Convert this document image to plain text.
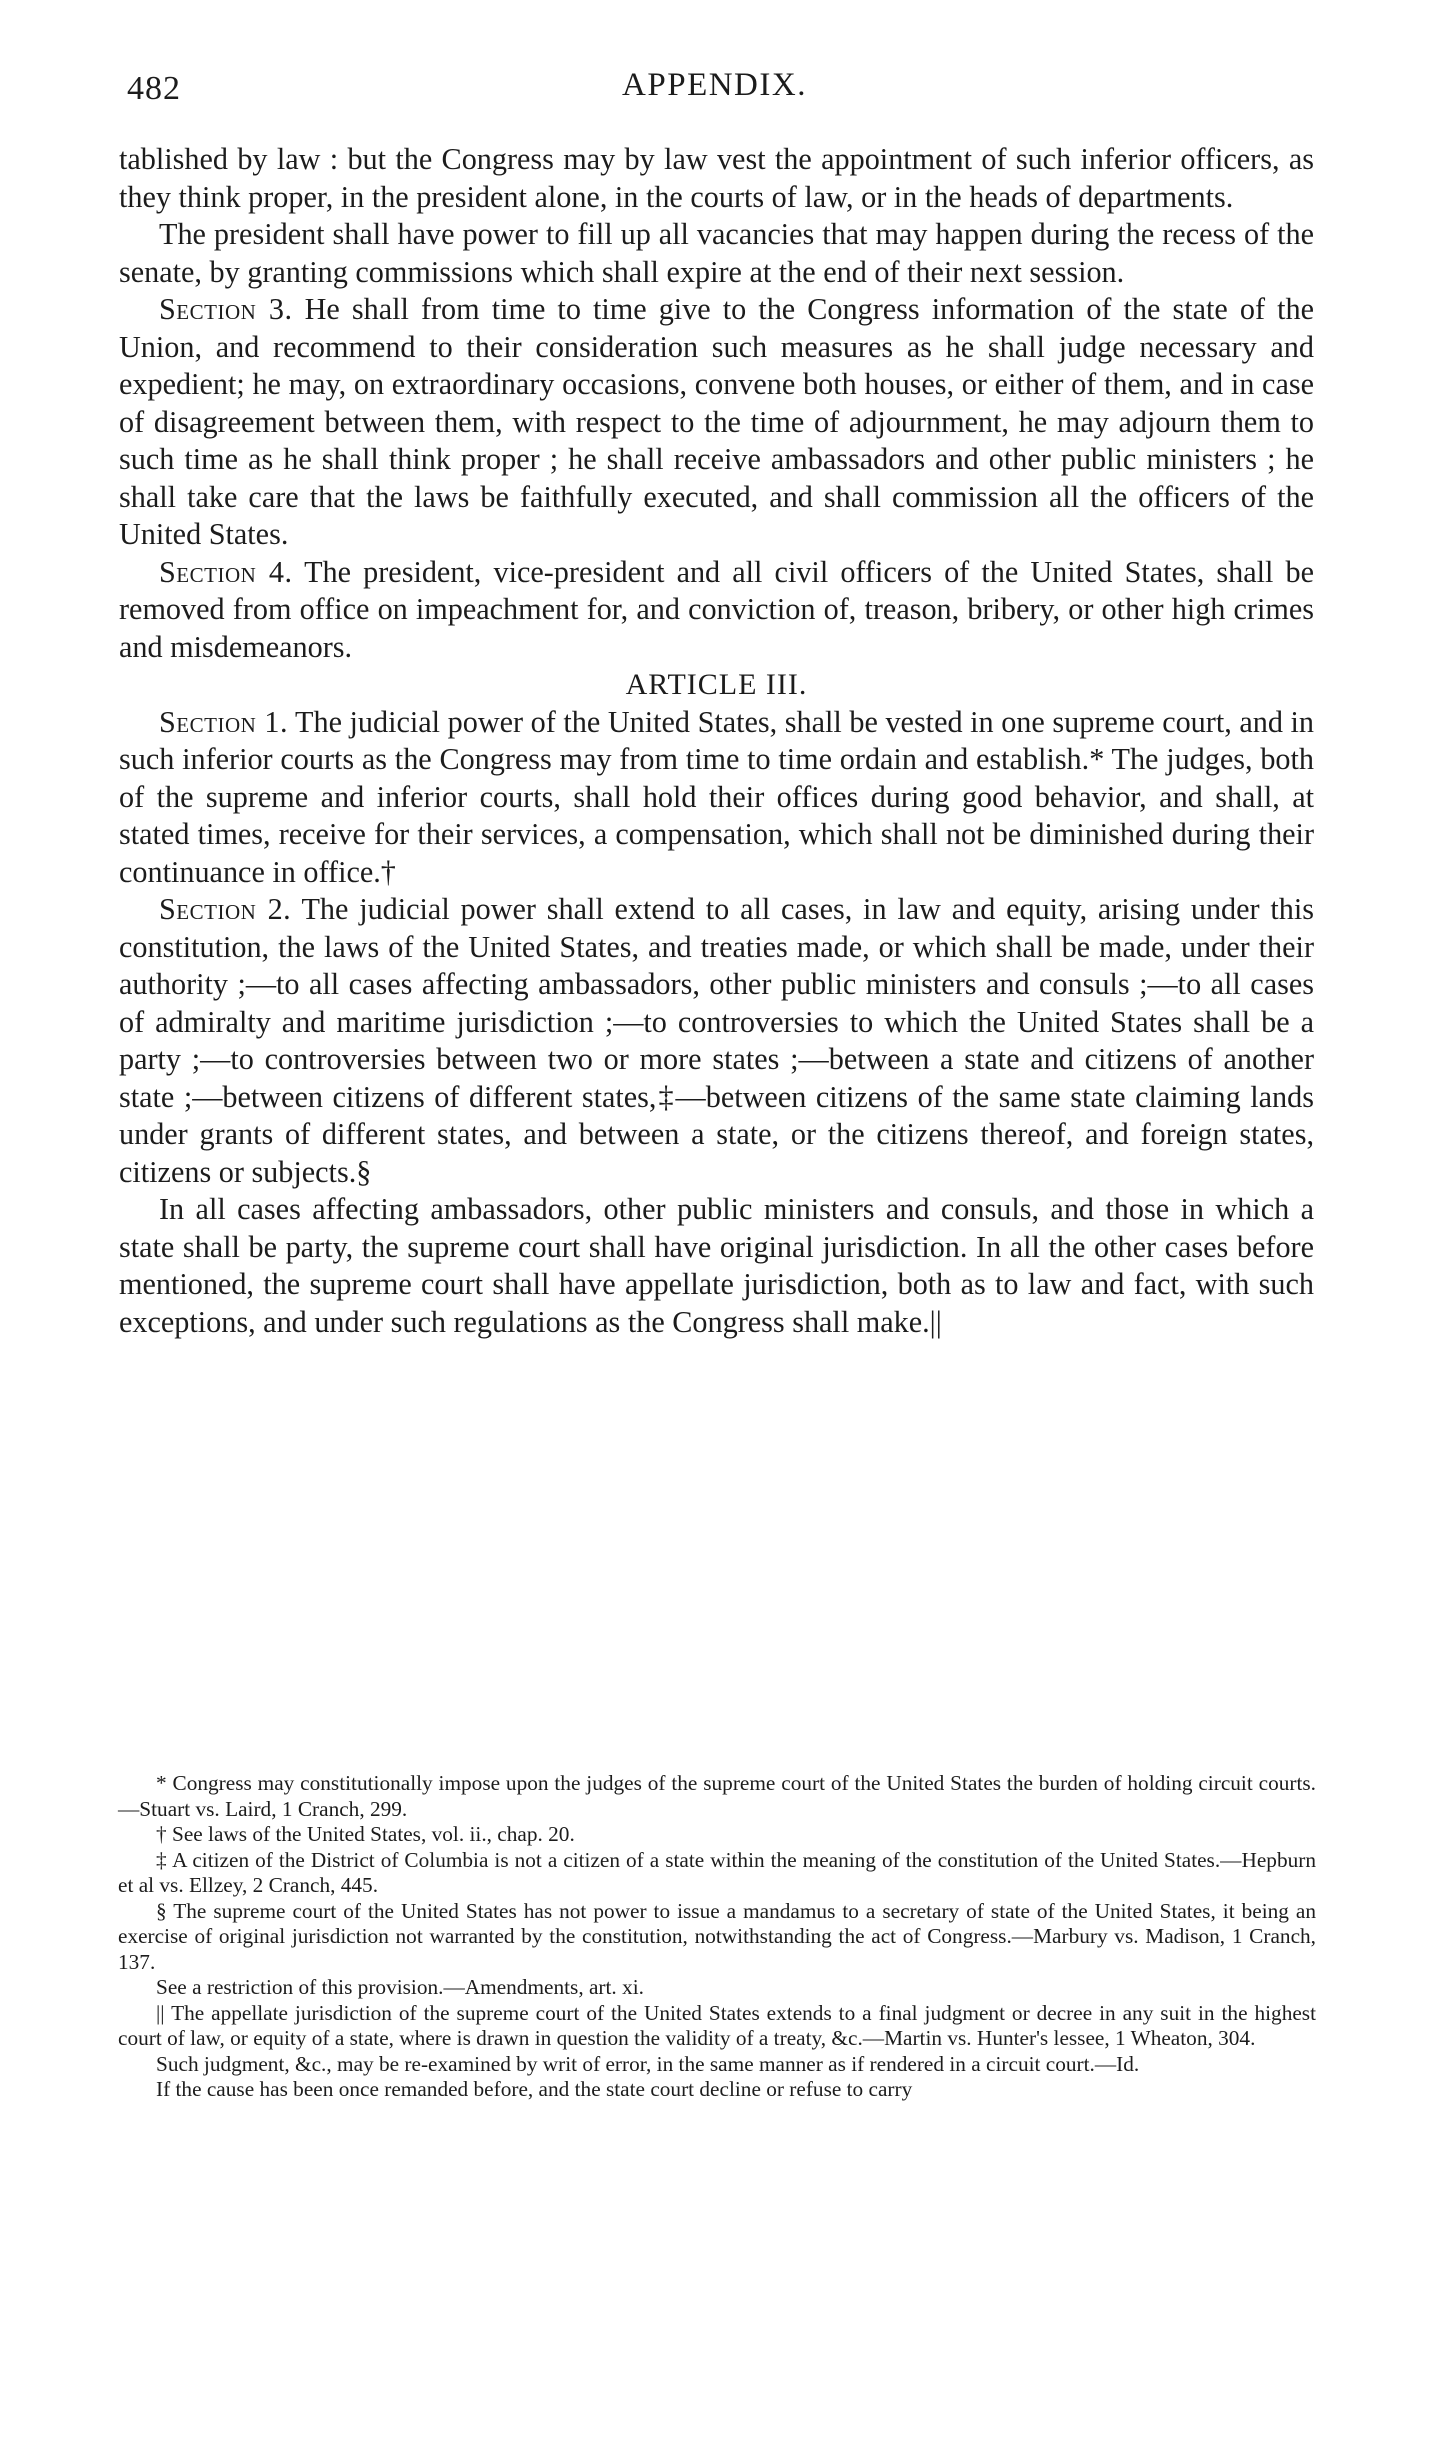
482	APPENDIX.

tablished by law : but the Congress may by law vest the appointment of such inferior officers, as they think proper, in the president alone, in the courts of law, or in the heads of departments.

The president shall have power to fill up all vacancies that may happen during the recess of the senate, by granting commissions which shall expire at the end of their next session.

Section 3. He shall from time to time give to the Congress information of the state of the Union, and recommend to their consideration such measures as he shall judge necessary and expedient; he may, on extraordinary occasions, convene both houses, or either of them, and in case of disagreement between them, with respect to the time of adjournment, he may adjourn them to such time as he shall think proper ; he shall receive ambassadors and other public ministers ; he shall take care that the laws be faithfully executed, and shall commission all the officers of the United States.

Section 4. The president, vice-president and all civil officers of the United States, shall be removed from office on impeachment for, and conviction of, treason, bribery, or other high crimes and misdemeanors.

ARTICLE III.

Section 1. The judicial power of the United States, shall be vested in one supreme court, and in such inferior courts as the Congress may from time to time ordain and establish.* The judges, both of the supreme and inferior courts, shall hold their offices during good behavior, and shall, at stated times, receive for their services, a compensation, which shall not be diminished during their continuance in office.†

Section 2. The judicial power shall extend to all cases, in law and equity, arising under this constitution, the laws of the United States, and treaties made, or which shall be made, under their authority ;—to all cases affecting ambassadors, other public ministers and consuls ;—to all cases of admiralty and maritime jurisdiction ;—to controversies to which the United States shall be a party ;—to controversies between two or more states ;—between a state and citizens of another state ;—between citizens of different states,‡—between citizens of the same state claiming lands under grants of different states, and between a state, or the citizens thereof, and foreign states, citizens or subjects.§

In all cases affecting ambassadors, other public ministers and consuls, and those in which a state shall be party, the supreme court shall have original jurisdiction. In all the other cases before mentioned, the supreme court shall have appellate jurisdiction, both as to law and fact, with such exceptions, and under such regulations as the Congress shall make.||

* Congress may constitutionally impose upon the judges of the supreme court of the United States the burden of holding circuit courts.—Stuart vs. Laird, 1 Cranch, 299.

† See laws of the United States, vol. ii., chap. 20.

‡ A citizen of the District of Columbia is not a citizen of a state within the meaning of the constitution of the United States.—Hepburn et al vs. Ellzey, 2 Cranch, 445.

§ The supreme court of the United States has not power to issue a mandamus to a secretary of state of the United States, it being an exercise of original jurisdiction not warranted by the constitution, notwithstanding the act of Congress.—Marbury vs. Madison, 1 Cranch, 137.

See a restriction of this provision.—Amendments, art. xi.

|| The appellate jurisdiction of the supreme court of the United States extends to a final judgment or decree in any suit in the highest court of law, or equity of a state, where is drawn in question the validity of a treaty, &c.—Martin vs. Hunter's lessee, 1 Wheaton, 304.

Such judgment, &c., may be re-examined by writ of error, in the same manner as if rendered in a circuit court.—Id.

If the cause has been once remanded before, and the state court decline or refuse to carry
